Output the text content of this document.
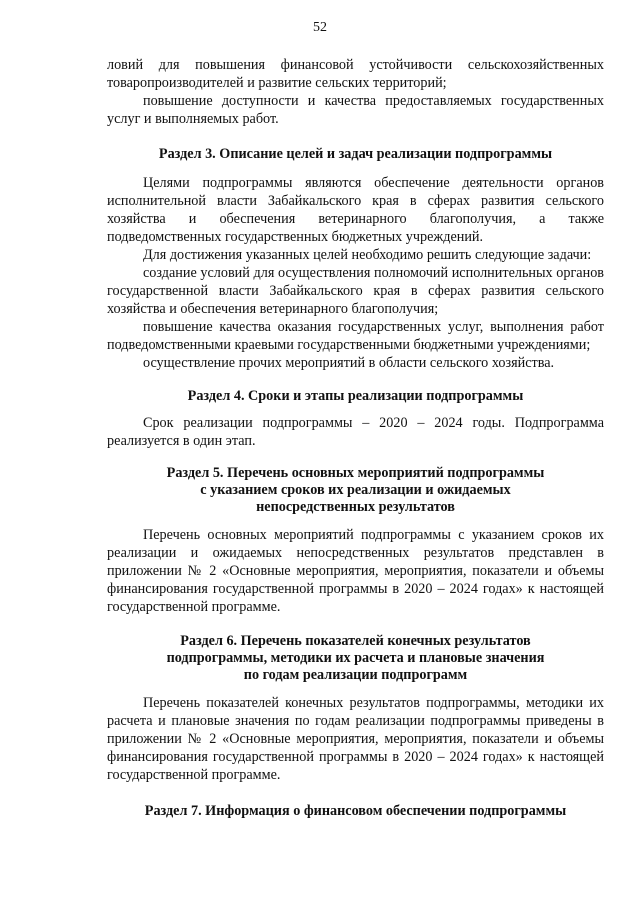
52

ловий для повышения финансовой устойчивости сельскохозяйственных товаропроизводителей и развитие сельских территорий;

повышение доступности и качества предоставляемых государственных услуг и выполняемых работ.

Раздел 3. Описание целей и задач реализации подпрограммы

Целями подпрограммы являются обеспечение деятельности органов исполнительной власти Забайкальского края в сферах развития сельского хозяйства и обеспечения ветеринарного благополучия, а также подведомственных государственных бюджетных учреждений.

Для достижения указанных целей необходимо решить следующие задачи:

создание условий для осуществления полномочий исполнительных органов государственной власти Забайкальского края в сферах развития сельского хозяйства и обеспечения ветеринарного благополучия;

повышение качества оказания государственных услуг, выполнения работ подведомственными краевыми государственными бюджетными учреждениями;

осуществление прочих мероприятий в области сельского хозяйства.

Раздел 4. Сроки и этапы реализации подпрограммы

Срок реализации подпрограммы – 2020 – 2024 годы. Подпрограмма реализуется в один этап.

Раздел 5. Перечень основных мероприятий подпрограммы
с указанием сроков их реализации и ожидаемых
непосредственных результатов

Перечень основных мероприятий подпрограммы с указанием сроков их реализации и ожидаемых непосредственных результатов представлен в приложении № 2 «Основные мероприятия, мероприятия, показатели и объемы финансирования государственной программы в 2020 – 2024 годах» к настоящей государственной программе.

Раздел 6. Перечень показателей конечных результатов
подпрограммы, методики их расчета и плановые значения
по годам реализации подпрограмм

Перечень показателей конечных результатов подпрограммы, методики их расчета и плановые значения по годам реализации подпрограммы приведены в приложении № 2 «Основные мероприятия, мероприятия, показатели и объемы финансирования государственной программы в 2020 – 2024 годах» к настоящей государственной программе.

Раздел 7. Информация о финансовом обеспечении подпрограммы
